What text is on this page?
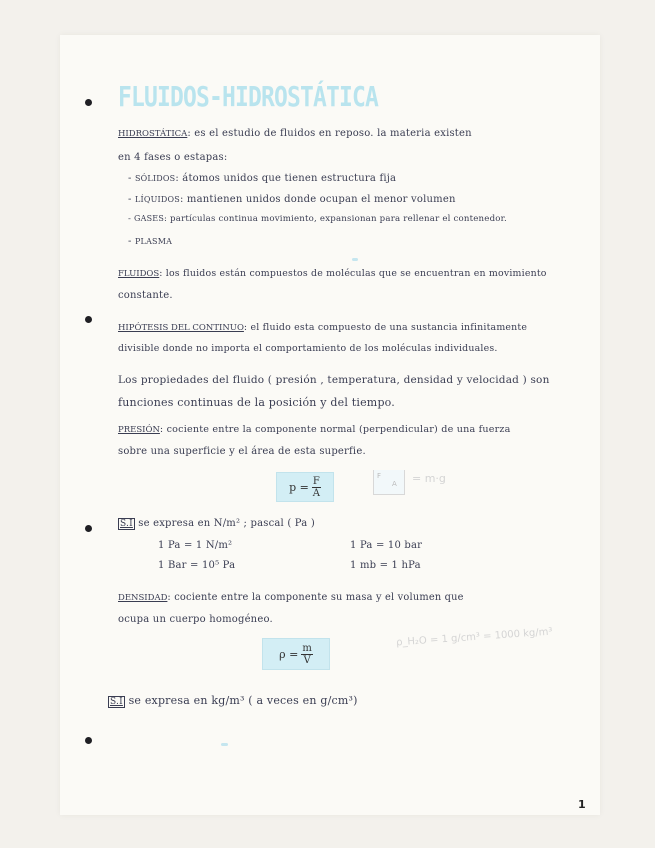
FLUIDOS-HIDROSTÁTICA
HIDROSTÁTICA: es el estudio de fluidos en reposo. la materia existen
en 4 fases o estapas:
- SÓLIDOS: átomos unidos que tienen estructura fija
- LÍQUIDOS: mantienen unidos donde ocupan el menor volumen
- GASES: partículas continua movimiento, expansionan para rellenar el contenedor.
- PLASMA
FLUIDOS: los fluidos están compuestos de moléculas que se encuentran en movimiento
constante.
HIPÓTESIS DEL CONTINUO: el fluido esta compuesto de una sustancia infinitamente
divisible donde no importa el comportamiento de los moléculas individuales.
Los propiedades del fluido ( presión , temperatura, densidad y velocidad ) son
funciones continuas de la posición y del tiempo.
PRESIÓN: cociente entre la componente normal (perpendicular) de una fuerza
sobre una superficie y el área de esta superfie.
$p = \frac{F}{A}$	F
A = m·g
S.I se expresa en N/m² ; pascal ( Pa )
1 Pa = 1 N/m²	1 Pa = 10 bar
1 Bar = 10⁵ Pa	1 mb = 1 hPa
DENSIDAD: cociente entre la componente su masa y el volumen que
ocupa un cuerpo homogéneo.
$\rho = \frac{m}{V}$
ρ_H₂O = 1 g/cm³ = 1000 kg/m³
S.I se expresa en kg/m³ ( a veces en g/cm³)
1
